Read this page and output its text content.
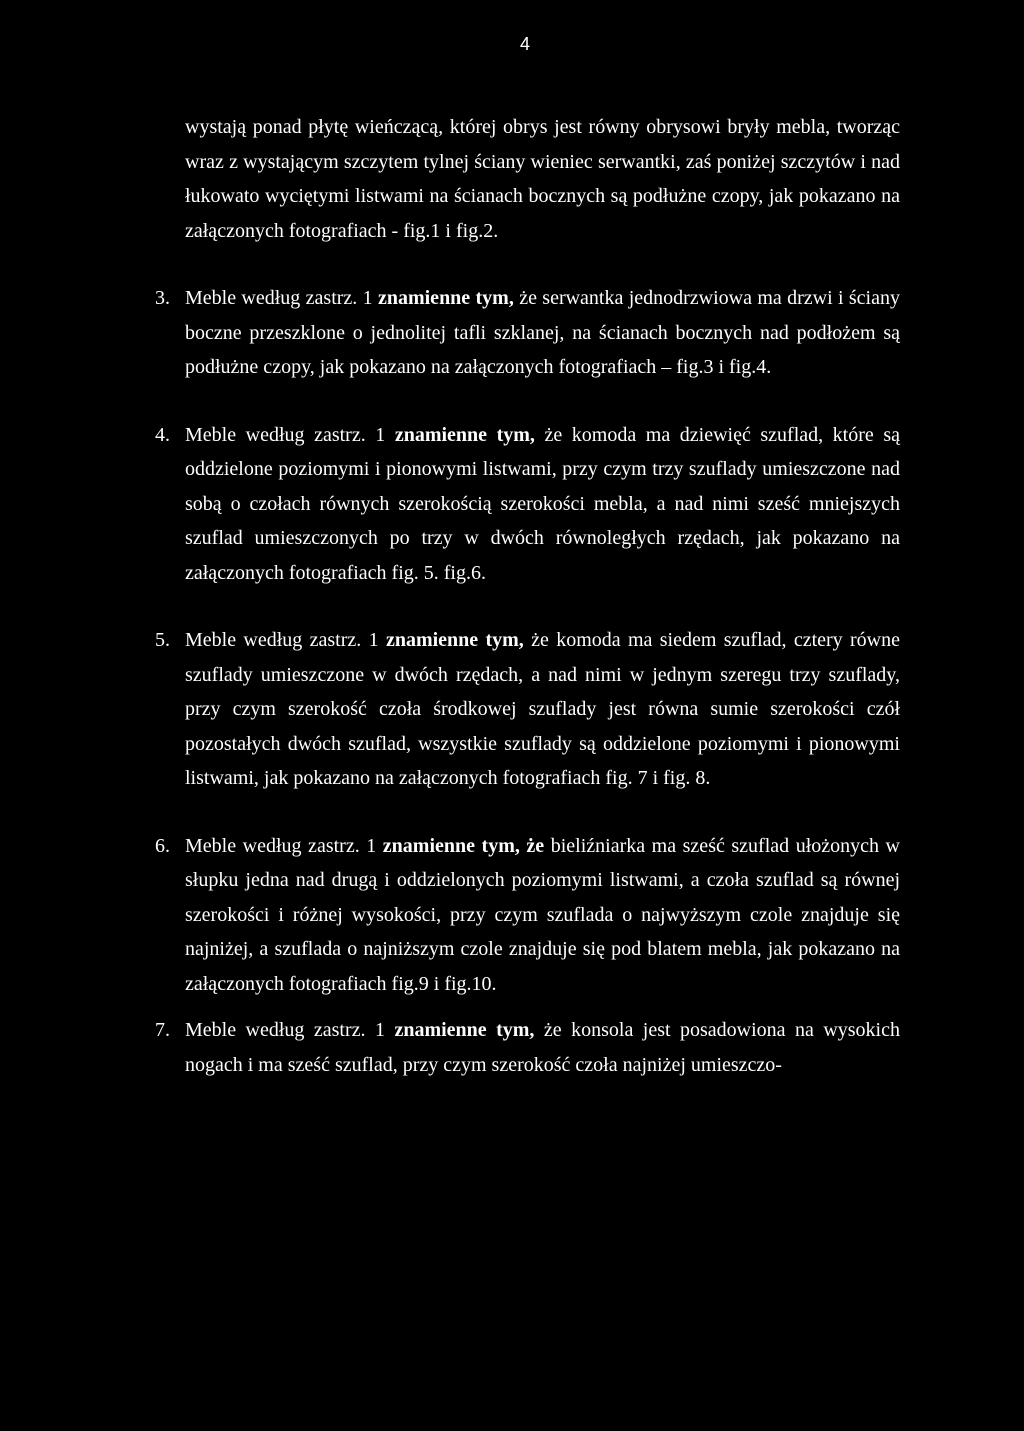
4

wystają ponad płytę wieńczącą, której obrys jest równy obrysowi bryły mebla, tworząc wraz z wystającym szczytem tylnej ściany wieniec serwantki, zaś poniżej szczytów i nad łukowato wyciętymi listwami na ścianach bocznych są podłużne czopy, jak pokazano na załączonych fotografiach - fig.1 i fig.2.

3. Meble według zastrz. 1 znamienne tym, że serwantka jednodrzwiowa ma drzwi i ściany boczne przeszklone o jednolitej tafli szklanej, na ścianach bocznych nad podłożem są podłużne czopy, jak pokazano na załączonych fotografiach – fig.3 i fig.4.

4. Meble według zastrz. 1 znamienne tym, że komoda ma dziewięć szuflad, które są oddzielone poziomymi i pionowymi listwami, przy czym trzy szuflady umieszczone nad sobą o czołach równych szerokością szerokości mebla, a nad nimi sześć mniejszych szuflad umieszczonych po trzy w dwóch równoległych rzędach, jak pokazano na załączonych fotografiach fig. 5. fig.6.

5. Meble według zastrz. 1 znamienne tym, że komoda ma siedem szuflad, cztery równe szuflady umieszczone w dwóch rzędach, a nad nimi w jednym szeregu trzy szuflady, przy czym szerokość czoła środkowej szuflady jest równa sumie szerokości czół pozostałych dwóch szuflad, wszystkie szuflady są oddzielone poziomymi i pionowymi listwami, jak pokazano na załączonych fotografiach fig. 7 i fig. 8.

6. Meble według zastrz. 1 znamienne tym, że bieliźniarka ma sześć szuflad ułożonych w słupku jedna nad drugą i oddzielonych poziomymi listwami, a czoła szuflad są równej szerokości i różnej wysokości, przy czym szuflada o najwyższym czole znajduje się najniżej, a szuflada o najniższym czole znajduje się pod blatem mebla, jak pokazano na załączonych fotografiach fig.9 i fig.10.

7. Meble według zastrz. 1 znamienne tym, że konsola jest posadowiona na wysokich nogach i ma sześć szuflad, przy czym szerokość czoła najniżej umieszczo-
